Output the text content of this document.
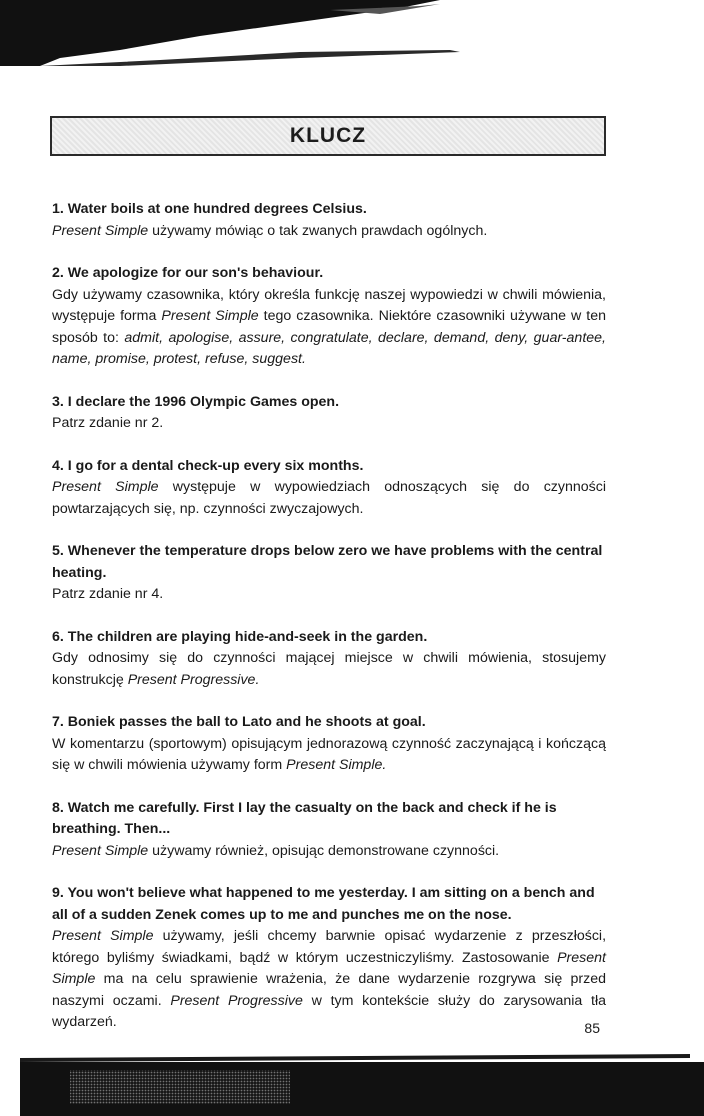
KLUCZ

1. Water boils at one hundred degrees Celsius.

Present Simple używamy mówiąc o tak zwanych prawdach ogólnych.

2. We apologize for our son's behaviour.

Gdy używamy czasownika, który określa funkcję naszej wypowiedzi w chwili mówienia, występuje forma Present Simple tego czasownika. Niektóre czasowniki używane w ten sposób to: admit, apologise, assure, congratulate, declare, demand, deny, guar-antee, name, promise, protest, refuse, suggest.

3. I declare the 1996 Olympic Games open.

Patrz zdanie nr 2.

4. I go for a dental check-up every six months.

Present Simple występuje w wypowiedziach odnoszących się do czynności powtarzających się, np. czynności zwyczajowych.

5. Whenever the temperature drops below zero we have problems with the central heating.

Patrz zdanie nr 4.

6. The children are playing hide-and-seek in the garden.

Gdy odnosimy się do czynności mającej miejsce w chwili mówienia, stosujemy konstrukcję Present Progressive.

7. Boniek passes the ball to Lato and he shoots at goal.

W komentarzu (sportowym) opisującym jednorazową czynność zaczynającą i kończącą się w chwili mówienia używamy form Present Simple.

8. Watch me carefully. First I lay the casualty on the back and check if he is breathing. Then...

Present Simple używamy również, opisując demonstrowane czynności.

9. You won't believe what happened to me yesterday. I am sitting on a bench and all of a sudden Zenek comes up to me and punches me on the nose.

Present Simple używamy, jeśli chcemy barwnie opisać wydarzenie z przeszłości, którego byliśmy świadkami, bądź w którym uczestniczyliśmy. Zastosowanie Present Simple ma na celu sprawienie wrażenia, że dane wydarzenie rozgrywa się przed naszymi oczami. Present Progressive w tym kontekście służy do zarysowania tła wydarzeń.	85
